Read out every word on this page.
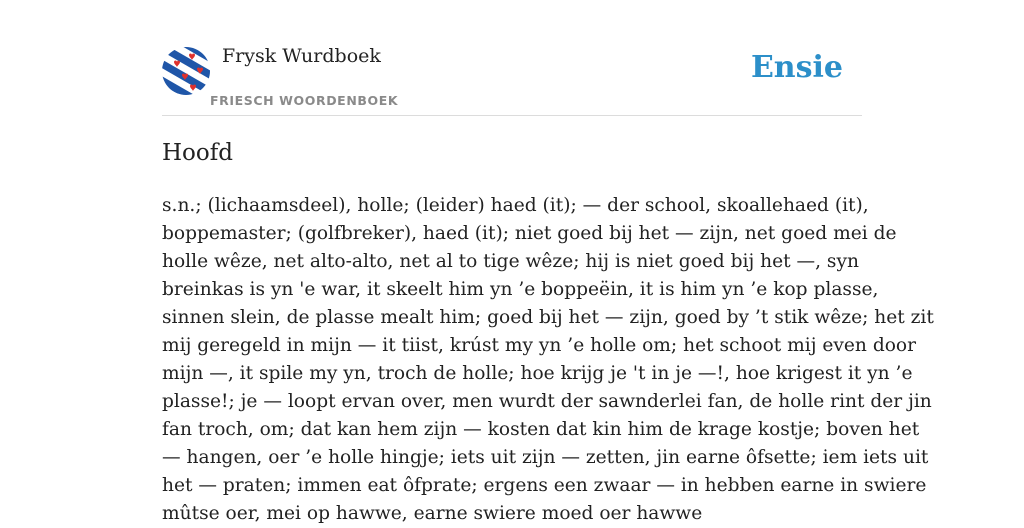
Frysk Wurdboek
FRIESCH WOORDENBOEK
Ensie
Hoofd
s.n.; (lichaamsdeel), holle; (leider) haed (it); — der school, skoallehaed (it),
boppemaster; (golfbreker), haed (it); niet goed bij het — zijn, net goed mei de
holle wêze, net alto-alto, net al to tige wêze; hij is niet goed bij het —, syn
breinkas is yn 'e war, it skeelt him yn ’e boppeëin, it is him yn ’e kop plasse,
sinnen slein, de plasse mealt him; goed bij het — zijn, goed by ’t stik wêze; het zit
mij geregeld in mijn — it tiist, krúst my yn ’e holle om; het schoot mij even door
mijn —, it spile my yn, troch de holle; hoe krijg je 't in je —!, hoe krigest it yn ’e
plasse!; je — loopt ervan over, men wurdt der sawnderlei fan, de holle rint der jin
fan troch, om; dat kan hem zijn — kosten dat kin him de krage kostje; boven het
— hangen, oer ’e holle hingje; iets uit zijn — zetten, jin earne ôfsette; iem iets uit
het — praten; immen eat ôfprate; ergens een zwaar — in hebben earne in swiere
mûtse oer, mei op hawwe, earne swiere moed oer hawwe
